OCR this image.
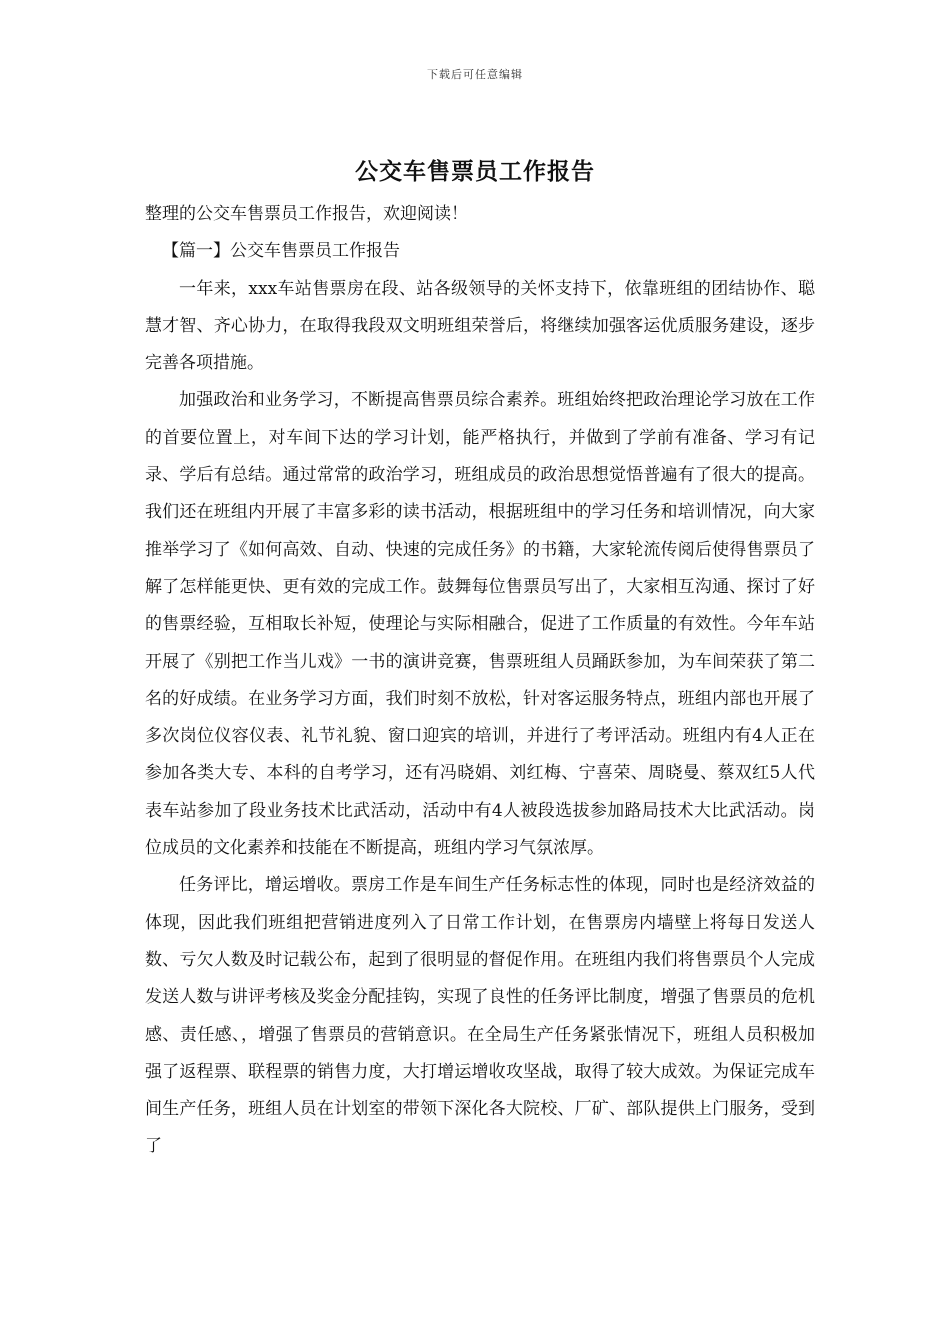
下载后可任意编辑
公交车售票员工作报告

整理的公交车售票员工作报告，欢迎阅读！

【篇一】公交车售票员工作报告

一年来，xxx车站售票房在段、站各级领导的关怀支持下，依靠班组的团结协作、聪慧才智、齐心协力，在取得我段双文明班组荣誉后，将继续加强客运优质服务建设，逐步完善各项措施。

加强政治和业务学习，不断提高售票员综合素养。班组始终把政治理论学习放在工作的首要位置上，对车间下达的学习计划，能严格执行，并做到了学前有准备、学习有记录、学后有总结。通过常常的政治学习，班组成员的政治思想觉悟普遍有了很大的提高。我们还在班组内开展了丰富多彩的读书活动，根据班组中的学习任务和培训情况，向大家推举学习了《如何高效、自动、快速的完成任务》的书籍，大家轮流传阅后使得售票员了解了怎样能更快、更有效的完成工作。鼓舞每位售票员写出了，大家相互沟通、探讨了好的售票经验，互相取长补短，使理论与实际相融合，促进了工作质量的有效性。今年车站开展了《别把工作当儿戏》一书的演讲竞赛，售票班组人员踊跃参加，为车间荣获了第二名的好成绩。在业务学习方面，我们时刻不放松，针对客运服务特点，班组内部也开展了多次岗位仪容仪表、礼节礼貌、窗口迎宾的培训，并进行了考评活动。班组内有4人正在参加各类大专、本科的自考学习，还有冯晓娟、刘红梅、宁喜荣、周晓曼、蔡双红5人代表车站参加了段业务技术比武活动，活动中有4人被段选拔参加路局技术大比武活动。岗位成员的文化素养和技能在不断提高，班组内学习气氛浓厚。

任务评比，增运增收。票房工作是车间生产任务标志性的体现，同时也是经济效益的体现，因此我们班组把营销进度列入了日常工作计划，在售票房内墙壁上将每日发送人数、亏欠人数及时记载公布，起到了很明显的督促作用。在班组内我们将售票员个人完成发送人数与讲评考核及奖金分配挂钩，实现了良性的任务评比制度，增强了售票员的危机感、责任感、，增强了售票员的营销意识。在全局生产任务紧张情况下，班组人员积极加强了返程票、联程票的销售力度，大打增运增收攻坚战，取得了较大成效。为保证完成车间生产任务，班组人员在计划室的带领下深化各大院校、厂矿、部队提供上门服务，受到了
